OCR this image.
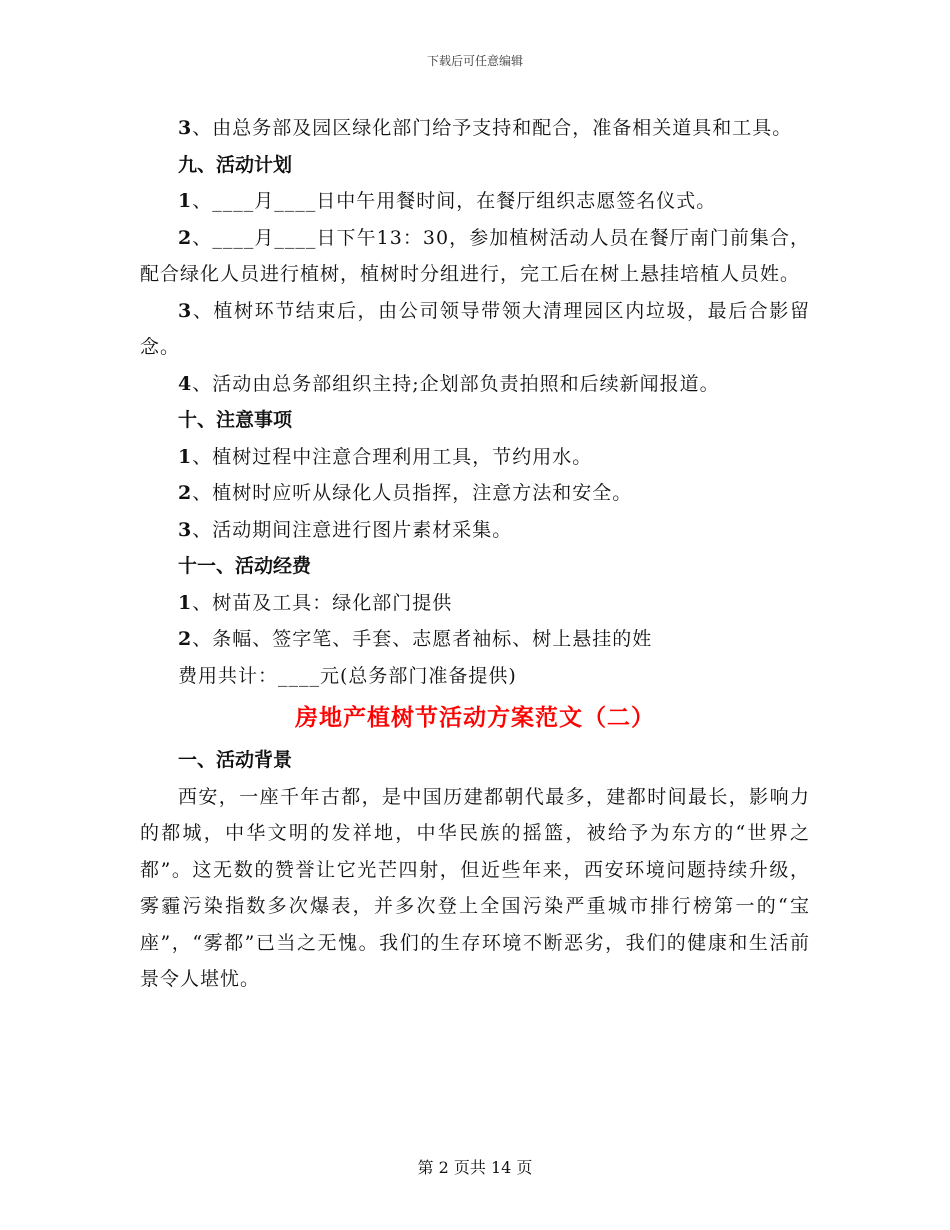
下载后可任意编辑

3、由总务部及园区绿化部门给予支持和配合，准备相关道具和工具。

九、活动计划

1、____月____日中午用餐时间，在餐厅组织志愿签名仪式。

2、____月____日下午13：30，参加植树活动人员在餐厅南门前集合，配合绿化人员进行植树，植树时分组进行，完工后在树上悬挂培植人员姓。

3、植树环节结束后，由公司领导带领大清理园区内垃圾，最后合影留念。

4、活动由总务部组织主持;企划部负责拍照和后续新闻报道。

十、注意事项

1、植树过程中注意合理利用工具，节约用水。

2、植树时应听从绿化人员指挥，注意方法和安全。

3、活动期间注意进行图片素材采集。

十一、活动经费

1、树苗及工具：绿化部门提供

2、条幅、签字笔、手套、志愿者袖标、树上悬挂的姓

费用共计：____元(总务部门准备提供)

房地产植树节活动方案范文（二）

一、活动背景

西安，一座千年古都，是中国历建都朝代最多，建都时间最长，影响力的都城，中华文明的发祥地，中华民族的摇篮，被给予为东方的“世界之都”。这无数的赞誉让它光芒四射，但近些年来，西安环境问题持续升级，雾霾污染指数多次爆表，并多次登上全国污染严重城市排行榜第一的“宝座”，“雾都”已当之无愧。我们的生存环境不断恶劣，我们的健康和生活前景令人堪忧。

第 2 页共 14 页
